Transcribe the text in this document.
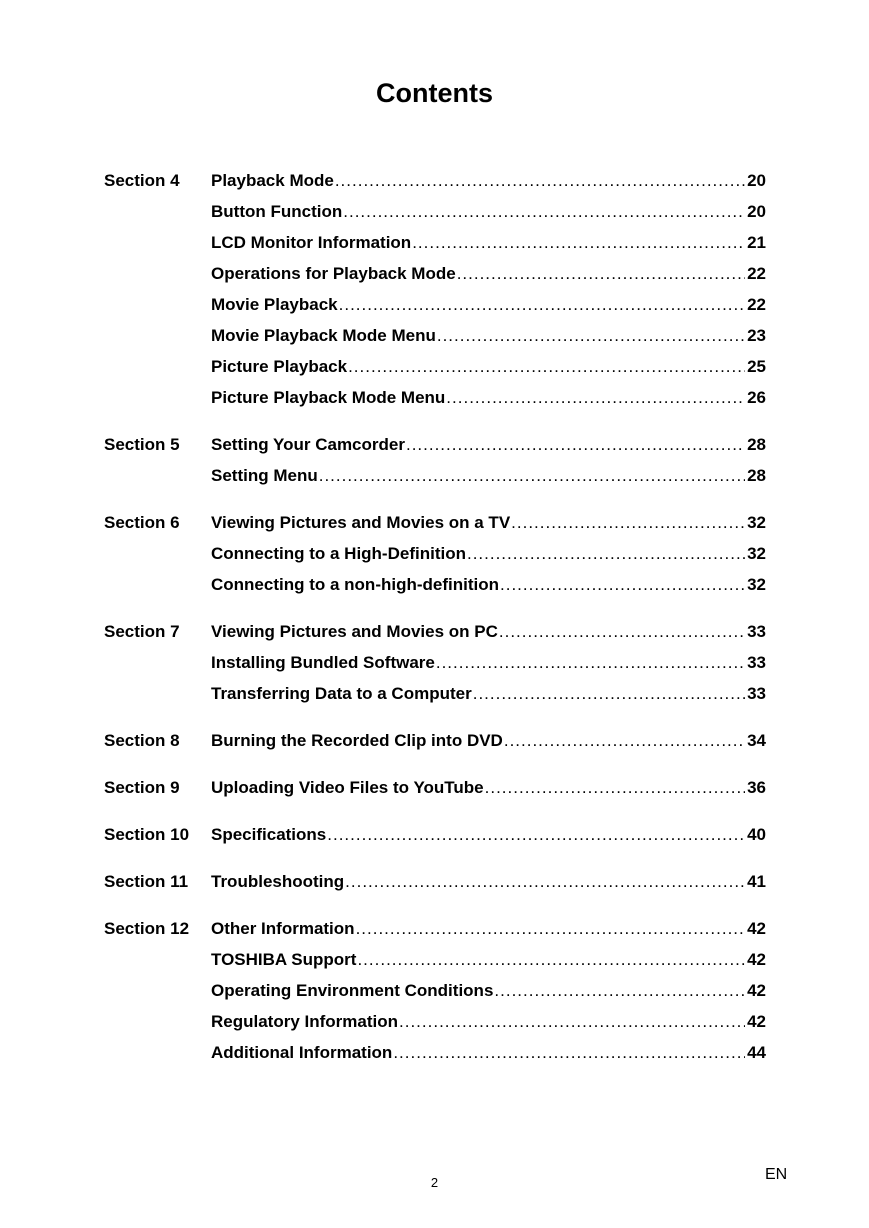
Contents
Section 4	Playback Mode .....	20
Button Function .....	20
LCD Monitor Information .....	21
Operations for Playback Mode .....	22
Movie Playback .....	22
Movie Playback Mode Menu .....	23
Picture Playback .....	25
Picture Playback Mode Menu .....	26
Section 5	Setting Your Camcorder .....	28
Setting Menu .....	28
Section 6	Viewing Pictures and Movies on a TV .....	32
Connecting to a High-Definition .....	32
Connecting to a non-high-definition .....	32
Section 7	Viewing Pictures and Movies on PC .....	33
Installing Bundled Software .....	33
Transferring Data to a Computer .....	33
Section 8	Burning the Recorded Clip into DVD .....	34
Section 9	Uploading Video Files to YouTube .....	36
Section 10	Specifications .....	40
Section 11	Troubleshooting .....	41
Section 12	Other Information .....	42
TOSHIBA Support .....	42
Operating Environment Conditions .....	42
Regulatory Information .....	42
Additional Information .....	44
2	EN
